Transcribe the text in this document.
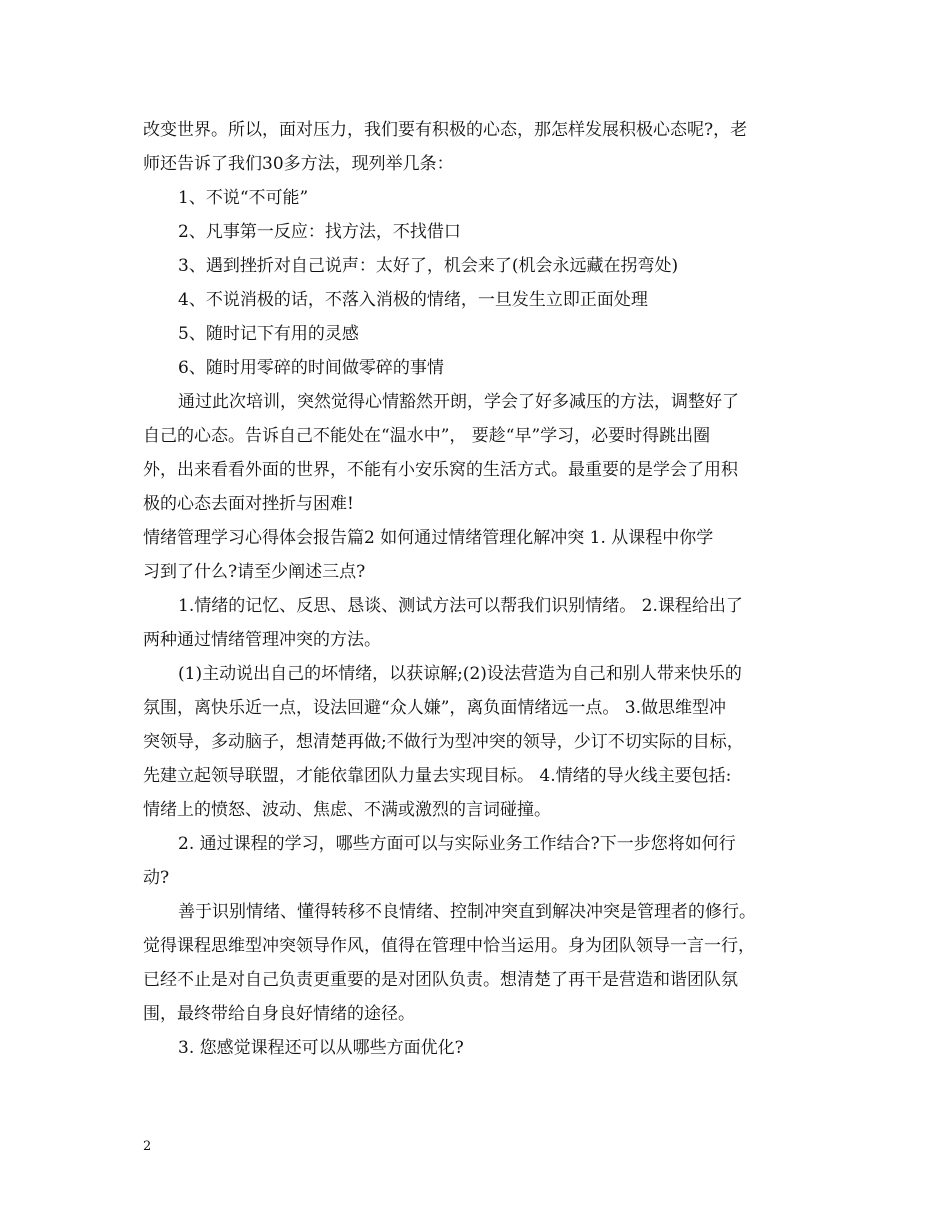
改变世界。所以，面对压力，我们要有积极的心态，那怎样发展积极心态呢?，老

师还告诉了我们30多方法，现列举几条：

1、不说“不可能”

2、凡事第一反应：找方法，不找借口

3、遇到挫折对自己说声：太好了，机会来了(机会永远藏在拐弯处)

4、不说消极的话，不落入消极的情绪，一旦发生立即正面处理

5、随时记下有用的灵感

6、随时用零碎的时间做零碎的事情

通过此次培训，突然觉得心情豁然开朗，学会了好多减压的方法，调整好了

自己的心态。告诉自己不能处在“温水中”， 要趁“早”学习，必要时得跳出圈

外，出来看看外面的世界，不能有小安乐窝的生活方式。最重要的是学会了用积

极的心态去面对挫折与困难!

情绪管理学习心得体会报告篇2 如何通过情绪管理化解冲突 1. 从课程中你学

习到了什么?请至少阐述三点?

1.情绪的记忆、反思、恳谈、测试方法可以帮我们识别情绪。 2.课程给出了

两种通过情绪管理冲突的方法。

(1)主动说出自己的坏情绪，以获谅解;(2)设法营造为自己和别人带来快乐的

氛围，离快乐近一点，设法回避“众人嫌”，离负面情绪远一点。 3.做思维型冲

突领导，多动脑子，想清楚再做;不做行为型冲突的领导，少订不切实际的目标，

先建立起领导联盟，才能依靠团队力量去实现目标。 4.情绪的导火线主要包括:

情绪上的愤怒、波动、焦虑、不满或激烈的言词碰撞。

2. 通过课程的学习，哪些方面可以与实际业务工作结合?下一步您将如何行

动?

善于识别情绪、懂得转移不良情绪、控制冲突直到解决冲突是管理者的修行。

觉得课程思维型冲突领导作风，值得在管理中恰当运用。身为团队领导一言一行，

已经不止是对自己负责更重要的是对团队负责。想清楚了再干是营造和谐团队氛

围，最终带给自身良好情绪的途径。

3. 您感觉课程还可以从哪些方面优化?

2
